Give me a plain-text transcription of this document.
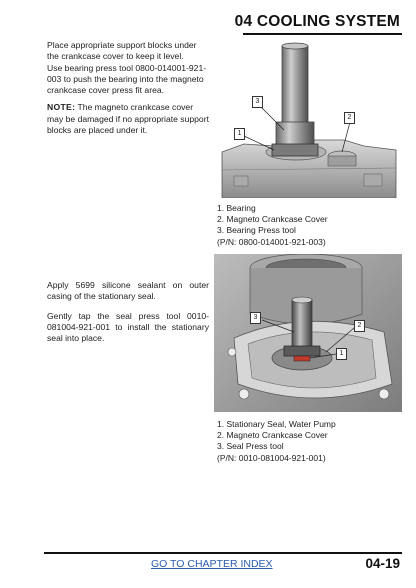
04 COOLING SYSTEM

Place appropriate support blocks under the crankcase cover to keep it level.

Use bearing press tool 0800-014001-921-003 to push the bearing into the magneto crankcase cover press fit area.

NOTE: The magneto crankcase cover may be damaged if no appropriate support blocks are placed under it.

3
2
1
1. Bearing
2. Magneto Crankcase Cover
3. Bearing Press tool
(P/N: 0800-014001-921-003)

Apply 5699 silicone sealant on outer casing of the stationary seal.

Gently tap the seal press tool 0010-081004-921-001 to install the stationary seal into place.

3
2
1
1. Stationary Seal, Water Pump
2. Magneto Crankcase Cover
3. Seal Press tool
(P/N: 0010-081004-921-001)
GO TO CHAPTER INDEX	04-19
